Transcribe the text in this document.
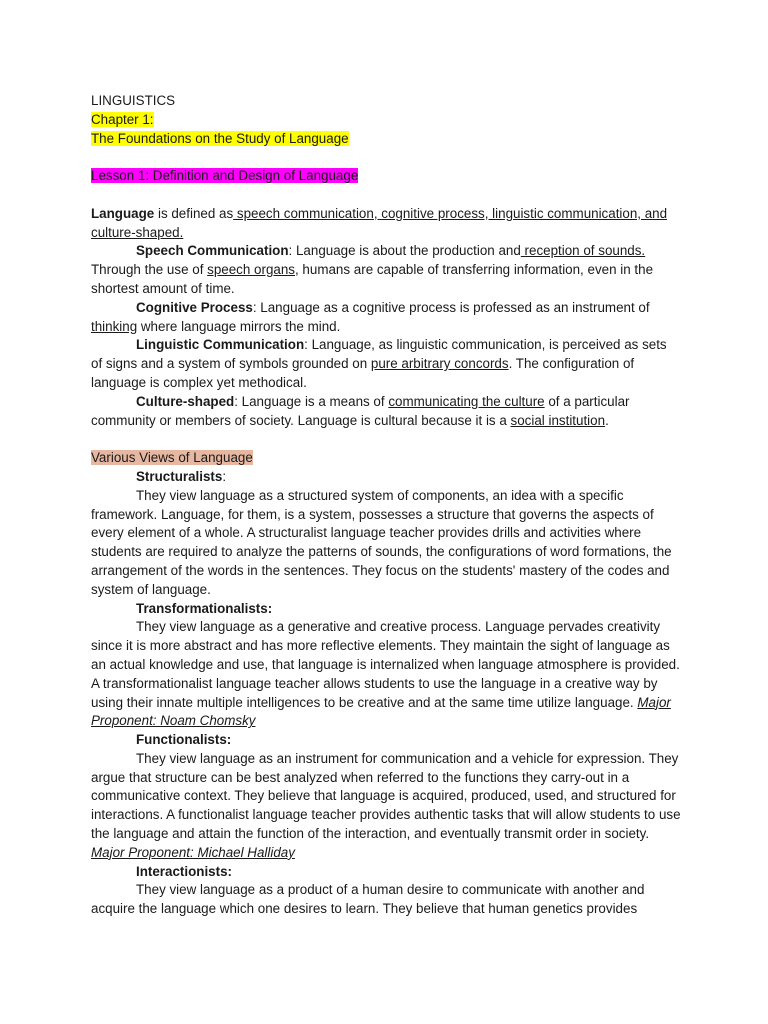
LINGUISTICS

Chapter 1:

The Foundations on the Study of Language

Lesson 1: Definition and Design of Language

Language is defined as speech communication, cognitive process, linguistic communication, and culture-shaped.

Speech Communication: Language is about the production and reception of sounds. Through the use of speech organs, humans are capable of transferring information, even in the shortest amount of time.

Cognitive Process: Language as a cognitive process is professed as an instrument of thinking where language mirrors the mind.

Linguistic Communication: Language, as linguistic communication, is perceived as sets of signs and a system of symbols grounded on pure arbitrary concords. The configuration of language is complex yet methodical.

Culture-shaped: Language is a means of communicating the culture of a particular community or members of society. Language is cultural because it is a social institution.

Various Views of Language

Structuralists:

They view language as a structured system of components, an idea with a specific framework. Language, for them, is a system, possesses a structure that governs the aspects of every element of a whole. A structuralist language teacher provides drills and activities where students are required to analyze the patterns of sounds, the configurations of word formations, the arrangement of the words in the sentences. They focus on the students' mastery of the codes and system of language.

Transformationalists:

They view language as a generative and creative process. Language pervades creativity since it is more abstract and has more reflective elements. They maintain the sight of language as an actual knowledge and use, that language is internalized when language atmosphere is provided. A transformationalist language teacher allows students to use the language in a creative way by using their innate multiple intelligences to be creative and at the same time utilize language. Major Proponent: Noam Chomsky

Functionalists:

They view language as an instrument for communication and a vehicle for expression. They argue that structure can be best analyzed when referred to the functions they carry-out in a communicative context. They believe that language is acquired, produced, used, and structured for interactions. A functionalist language teacher provides authentic tasks that will allow students to use the language and attain the function of the interaction, and eventually transmit order in society. Major Proponent: Michael Halliday

Interactionists:

They view language as a product of a human desire to communicate with another and acquire the language which one desires to learn. They believe that human genetics provides
